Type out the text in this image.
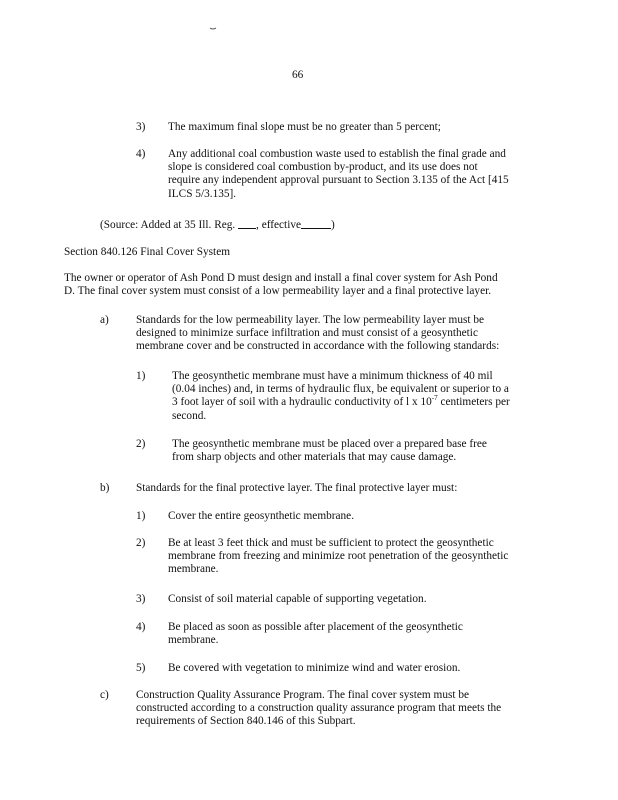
66
3) The maximum final slope must be no greater than 5 percent;
4) Any additional coal combustion waste used to establish the final grade and
slope is considered coal combustion by-product, and its use does not
require any independent approval pursuant to Section 3.135 of the Act [415
ILCS 5/3.135].
(Source: Added at 35 Ill. Reg. , effective	)
Section 840.126 Final Cover System
The owner or operator of Ash Pond D must design and install a final cover system for Ash Pond
D. The final cover system must consist of a low permeability layer and a final protective layer.
a) Standards for the low permeability layer. The low permeability layer must be
designed to minimize surface infiltration and must consist of a geosynthetic
membrane cover and be constructed in accordance with the following standards:
1) The geosynthetic membrane must have a minimum thickness of 40 mil
(0.04 inches) and, in terms of hydraulic flux, be equivalent or superior to a
3 foot layer of soil with a hydraulic conductivity of l x $10^{-7}$ centimeters per
second.
2) The geosynthetic membrane must be placed over a prepared base free
from sharp objects and other materials that may cause damage.
b) Standards for the final protective layer. The final protective layer must:
1) Cover the entire geosynthetic membrane.
2) Be at least 3 feet thick and must be sufficient to protect the geosynthetic
membrane from freezing and minimize root penetration of the geosynthetic
membrane.
3) Consist of soil material capable of supporting vegetation.
4) Be placed as soon as possible after placement of the geosynthetic
membrane.
5) Be covered with vegetation to minimize wind and water erosion.
c) Construction Quality Assurance Program. The final cover system must be
constructed according to a construction quality assurance program that meets the
requirements of Section 840.146 of this Subpart.
